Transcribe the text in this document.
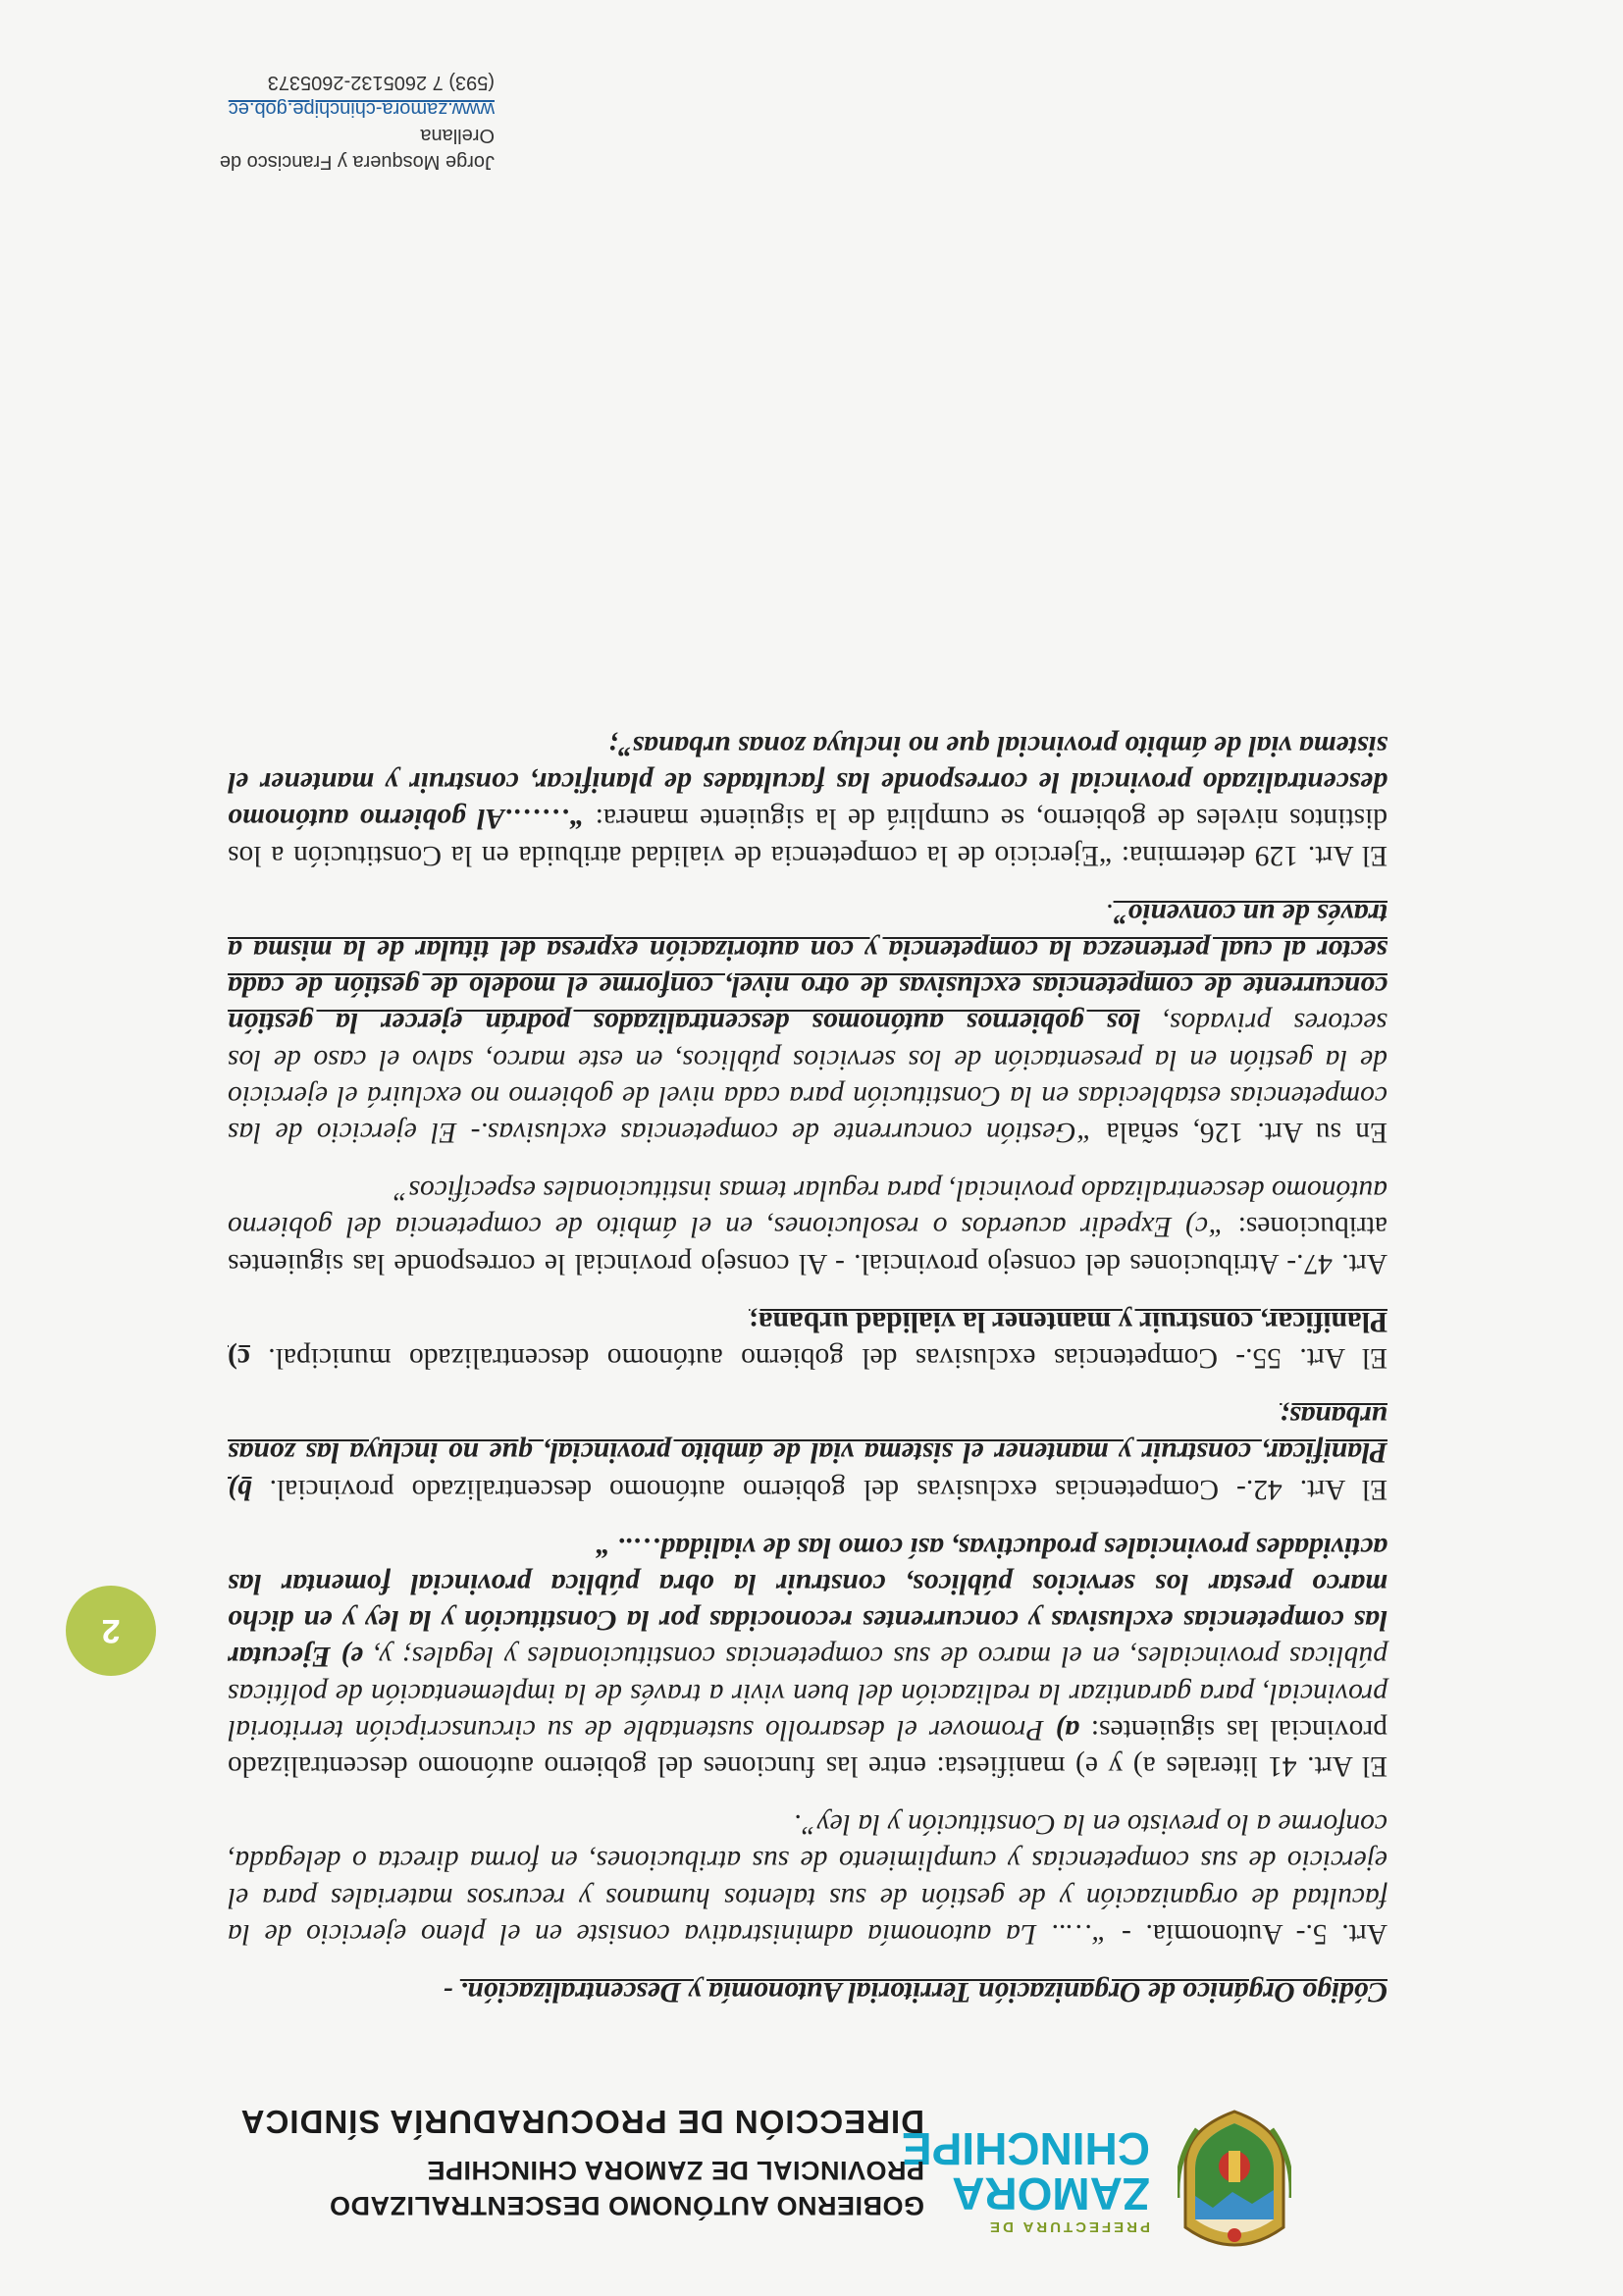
PREFECTURA DE
ZAMORA
CHINCHIPE
GOBIERNO AUTÓNOMO DESCENTRALIZADO
PROVINCIAL DE ZAMORA CHINCHIPE
DIRECCIÓN DE PROCURADURÍA SÍNDICA

Código Orgánico de Organización Territorial Autonomía y Descentralización. -

Art. 5.- Autonomía. - “….. La autonomía administrativa consiste en el pleno ejercicio de la facultad de organización y de gestión de sus talentos humanos y recursos materiales para el ejercicio de sus competencias y cumplimiento de sus atribuciones, en forma directa o delegada, conforme a lo previsto en la Constitución y la ley”.

El Art. 41 literales a) y e) manifiesta: entre las funciones del gobierno autónomo descentralizado provincial las siguientes: a) Promover el desarrollo sustentable de su circunscripción territorial provincial, para garantizar la realización del buen vivir a través de la implementación de políticas públicas provinciales, en el marco de sus competencias constitucionales y legales; y, e) Ejecutar las competencias exclusivas y concurrentes reconocidas por la Constitución y la ley y en dicho marco prestar los servicios públicos, construir la obra pública provincial fomentar las actividades provinciales productivas, así como las de vialidad….. “

El Art. 42.- Competencias exclusivas del gobierno autónomo descentralizado provincial. b) Planificar, construir y mantener el sistema vial de ámbito provincial, que no incluya las zonas urbanas;

El Art. 55.- Competencias exclusivas del gobierno autónomo descentralizado municipal. c) Planificar, construir y mantener la vialidad urbana;

Art. 47.- Atribuciones del consejo provincial. - Al consejo provincial le corresponde las siguientes atribuciones: “c) Expedir acuerdos o resoluciones, en el ámbito de competencia del gobierno autónomo descentralizado provincial, para regular temas institucionales específicos”

En su Art. 126, señala “Gestión concurrente de competencias exclusivas.- El ejercicio de las competencias establecidas en la Constitución para cada nivel de gobierno no excluirá el ejercicio de la gestión en la presentación de los servicios públicos, en este marco, salvo el caso de los sectores privados, los gobiernos autónomos descentralizados podrán ejercer la gestión concurrente de competencias exclusivas de otro nivel, conforme el modelo de gestión de cada sector al cual pertenezca la competencia y con autorización expresa del titular de la misma a través de un convenio”.

El Art. 129 determina: “Ejercicio de la competencia de vialidad atribuida en la Constitución a los distintos niveles de gobierno, se cumplirá de la siguiente manera: “…….Al gobierno autónomo descentralizado provincial le corresponde las facultades de planificar, construir y mantener el sistema vial de ámbito provincial que no incluya zonas urbanas”;

2
Jorge Mosquera y Francisco de Orellana
www.zamora-chinchipe.gob.ec
(593) 7 2605132-2605373
